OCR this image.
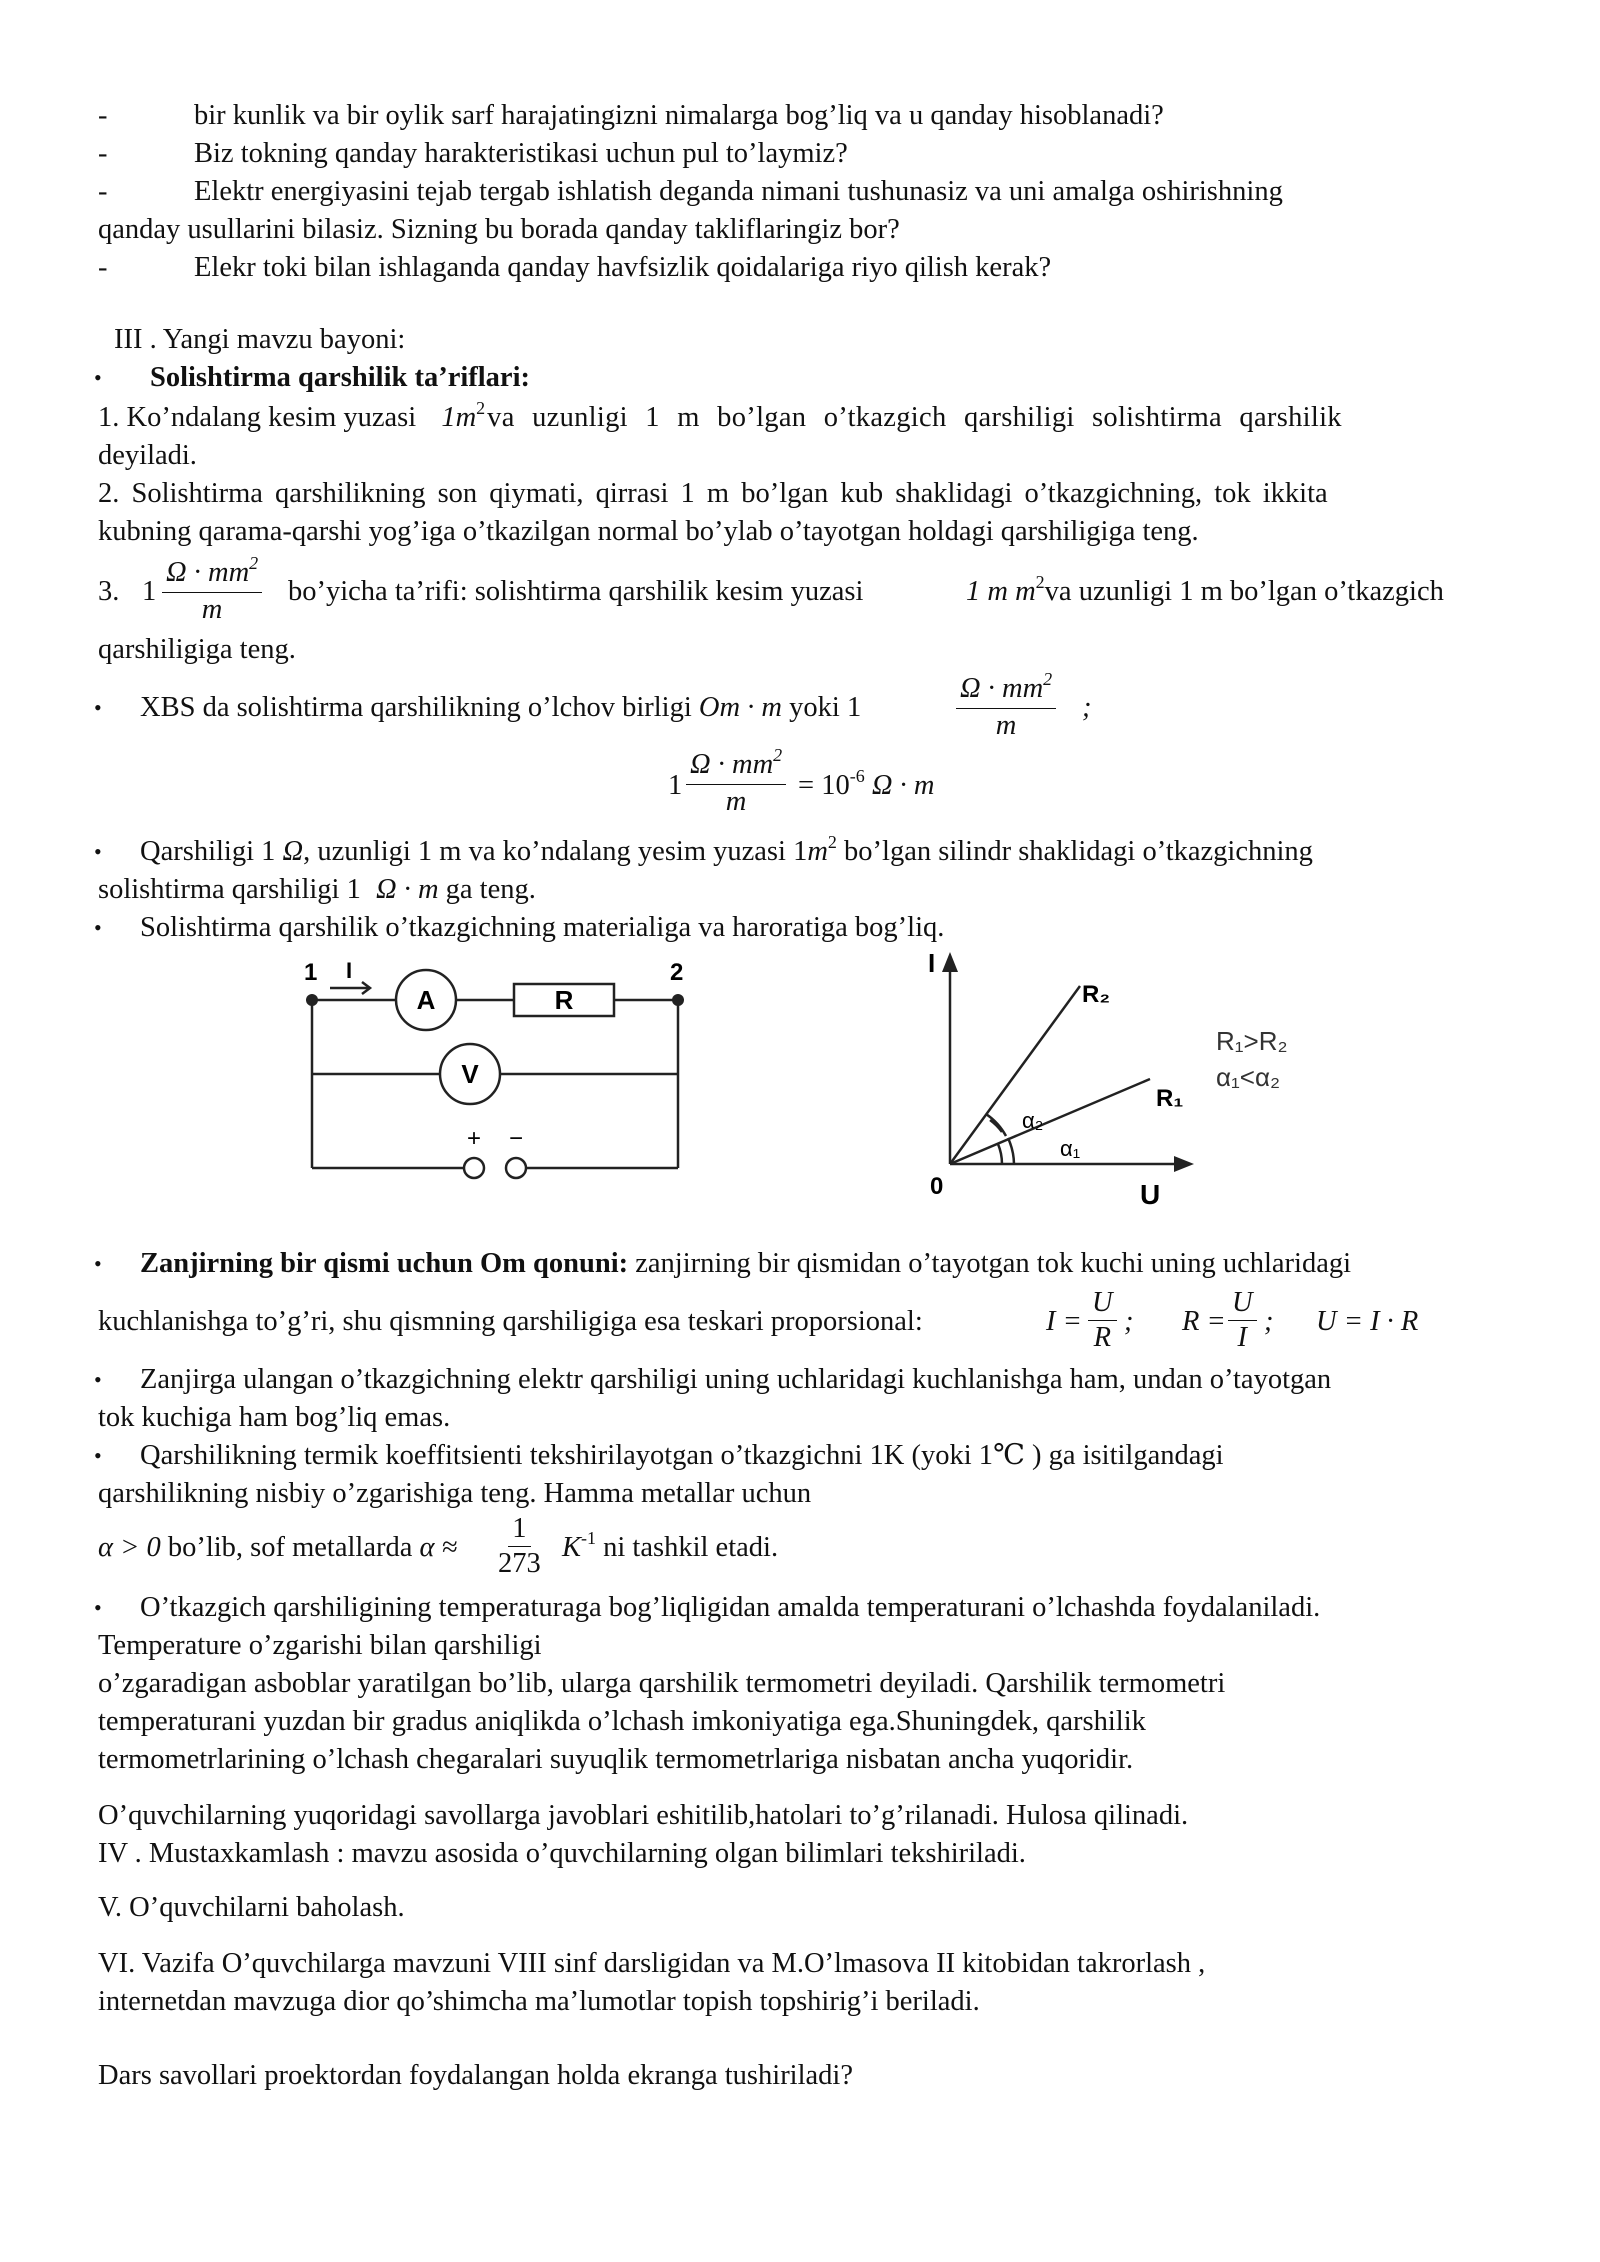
-	bir kunlik va bir oylik sarf harajatingizni nimalarga bog’liq va u qanday hisoblanadi?
-	Biz tokning qanday harakteristikasi uchun pul to’laymiz?
-	Elektr energiyasini tejab tergab ishlatish deganda nimani tushunasiz va uni amalga oshirishning
qanday usullarini bilasiz. Sizning bu borada qanday takliflaringiz bor?
-	Elekr toki bilan ishlaganda qanday havfsizlik qoidalariga riyo qilish kerak?
III . Yangi mavzu bayoni:
• Solishtirma qarshilik ta’riflari:
1. Ko’ndalang kesim yuzasi $1m^2va$ uzunligi 1 m bo’lgan o’tkazgich qarshiligi solishtirma qarshilik
deyiladi.
2. Solishtirma qarshilikning son qiymati, qirrasi 1 m bo’lgan kub shaklidagi o’tkazgichning, tok ikkita
kubning qarama-qarshi yog’iga o’tkazilgan normal bo’ylab o’tayotgan holdagi qarshiligiga teng.
3. $1 \frac{\Omega \cdot mm^2}{m}$ bo’yicha ta’rifi: solishtirma qarshilik kesim yuzasi	1 m $m^2va$ uzunligi 1 m bo’lgan o’tkazgich
qarshiligiga teng.
• XBS da solishtirma qarshilikning o’lchov birligi Om · m yoki 1	$\frac{\Omega \cdot mm^2}{m}$ ;
$1 \frac{\Omega \cdot mm^2}{m} = 10^{-6}$ Ω · m
• Qarshiligi 1 Ω, uzunligi 1 m va ko’ndalang yesim yuzasi $1m^2$ bo’lgan silindr shaklidagi o’tkazgichning
solishtirma qarshiligi 1 Ω · m ga teng.
• Solishtirma qarshilik o’tkazgichning materialiga va haroratiga bog’liq.
1	2
I
A	R
V
+ −
I
U
0
R₂
R₁
α₂
α₁
R₁>R₂
α₁<α₂
• Zanjirning bir qismi uchun Om qonuni: zanjirning bir qismidan o’tayotgan tok kuchi uning uchlaridagi
kuchlanishga to’g’ri, shu qismning qarshiligiga esa teskari proporsional:	$I = \frac{U}{R}$ ; $R = \frac{U}{I}$ ; U = I · R
• Zanjirga ulangan o’tkazgichning elektr qarshiligi uning uchlaridagi kuchlanishga ham, undan o’tayotgan
tok kuchiga ham bog’liq emas.
• Qarshilikning termik koeffitsienti tekshirilayotgan o’tkazgichni 1K (yoki 1℃ ) ga isitilgandagi
qarshilikning nisbiy o’zgarishiga teng. Hamma metallar uchun
α > 0 bo’lib, sof metallarda $\alpha \approx \frac{1}{273} K^{-1}$ ni tashkil etadi.
• O’tkazgich qarshiligining temperaturaga bog’liqligidan amalda temperaturani o’lchashda foydalaniladi.
Temperature o’zgarishi bilan qarshiligi
o’zgaradigan asboblar yaratilgan bo’lib, ularga qarshilik termometri deyiladi. Qarshilik termometri
temperaturani yuzdan bir gradus aniqlikda o’lchash imkoniyatiga ega.Shuningdek, qarshilik
termometrlarining o’lchash chegaralari suyuqlik termometrlariga nisbatan ancha yuqoridir.
O’quvchilarning yuqoridagi savollarga javoblari eshitilib,hatolari to’g’rilanadi. Hulosa qilinadi.
IV . Mustaxkamlash : mavzu asosida o’quvchilarning olgan bilimlari tekshiriladi.
V. O’quvchilarni baholash.
VI. Vazifa O’quvchilarga mavzuni VIII sinf darsligidan va M.O’lmasova II kitobidan takrorlash ,
internetdan mavzuga dior qo’shimcha ma’lumotlar topish topshirig’i beriladi.
Dars savollari proektordan foydalangan holda ekranga tushiriladi?
